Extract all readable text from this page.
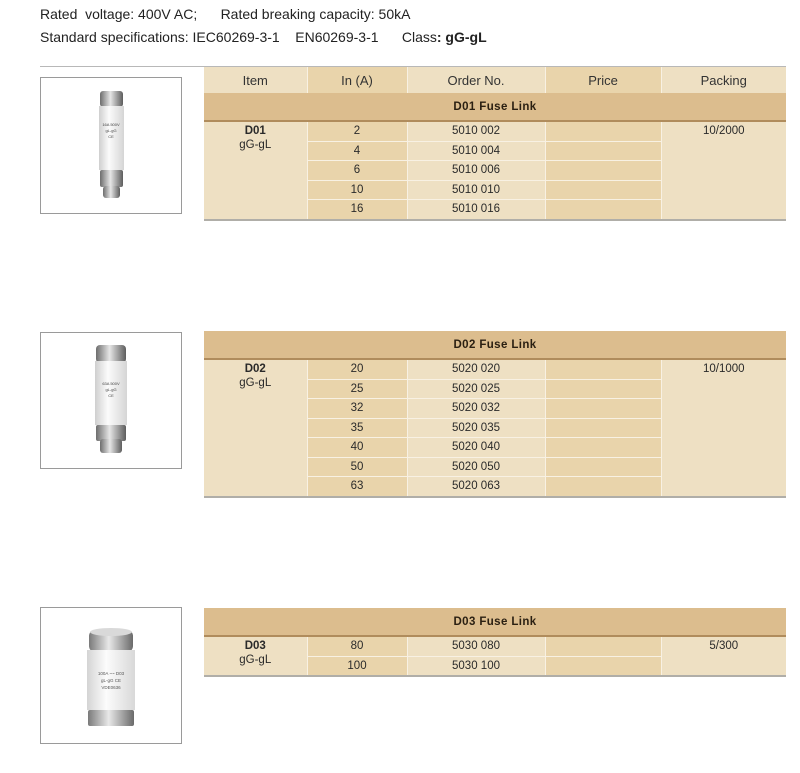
Rated  voltage: 400V AC; Rated breaking capacity: 50kA
Standard specifications: IEC60269-3-1    EN60269-3-1      Class: gG-gL
16A 500V
gL-gG
CE
Item	In (A)	Order No.	Price	Packing
D01 Fuse Link				

D01
gG-gL	2	5010 002		10/2000

	4	5010 004		
	6	5010 006		
	10	5010 010		
	16	5010 016		

63A 500V
gL-gG
CE
D02 Fuse Link				

D02
gG-gL	20	5020 020		10/1000

	25	5020 025		
	32	5020 032		
	35	5020 035		
	40	5020 040		
	50	5020 050		
	63	5020 063		

100A ~~ D03
gL-gG CE
VDE0636
D03 Fuse Link				

D03
gG-gL	80	5030 080		5/300

	100	5030 100		
